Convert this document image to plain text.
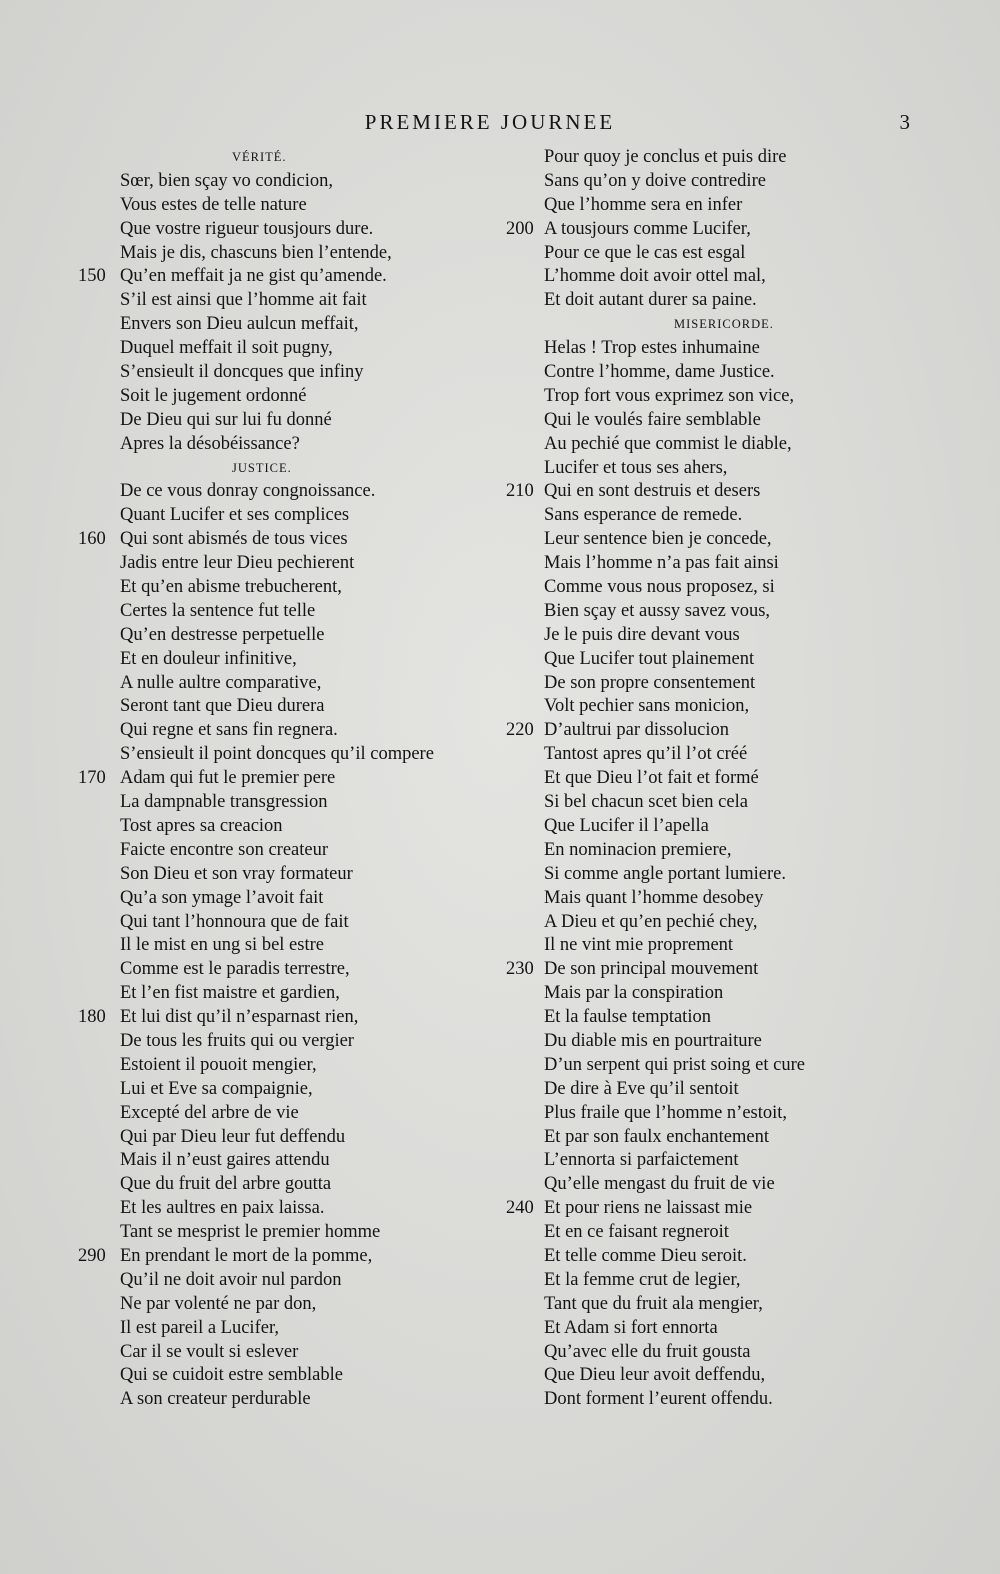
PREMIERE JOURNEE	3
VÉRITÉ.
Sœr, bien sçay vo condicion,
Vous estes de telle nature
Que vostre rigueur tousjours dure.
Mais je dis, chascuns bien l’entende,
150 Qu’en meffait ja ne gist qu’amende.
S’il est ainsi que l’homme ait fait
Envers son Dieu aulcun meffait,
Duquel meffait il soit pugny,
S’ensieult il doncques que infiny
Soit le jugement ordonné
De Dieu qui sur lui fu donné
Apres la désobéissance?
JUSTICE.
De ce vous donray congnoissance.
Quant Lucifer et ses complices
160 Qui sont abismés de tous vices
Jadis entre leur Dieu pechierent
Et qu’en abisme trebucherent,
Certes la sentence fut telle
Qu’en destresse perpetuelle
Et en douleur infinitive,
A nulle aultre comparative,
Seront tant que Dieu durera
Qui regne et sans fin regnera.
S’ensieult il point doncques qu’il compere
170 Adam qui fut le premier pere
La dampnable transgression
Tost apres sa creacion
Faicte encontre son createur
Son Dieu et son vray formateur
Qu’a son ymage l’avoit fait
Qui tant l’honnoura que de fait
Il le mist en ung si bel estre
Comme est le paradis terrestre,
Et l’en fist maistre et gardien,
180 Et lui dist qu’il n’esparnast rien,
De tous les fruits qui ou vergier
Estoient il pouoit mengier,
Lui et Eve sa compaignie,
Excepté del arbre de vie
Qui par Dieu leur fut deffendu
Mais il n’eust gaires attendu
Que du fruit del arbre goutta
Et les aultres en paix laissa.
Tant se mesprist le premier homme
290 En prendant le mort de la pomme,
Qu’il ne doit avoir nul pardon
Ne par volenté ne par don,
Il est pareil a Lucifer,
Car il se voult si eslever
Qui se cuidoit estre semblable
A son createur perdurable
Pour quoy je conclus et puis dire
Sans qu’on y doive contredire
Que l’homme sera en infer
200 A tousjours comme Lucifer,
Pour ce que le cas est esgal
L’homme doit avoir ottel mal,
Et doit autant durer sa paine.
MISERICORDE.
Helas ! Trop estes inhumaine
Contre l’homme, dame Justice.
Trop fort vous exprimez son vice,
Qui le voulés faire semblable
Au pechié que commist le diable,
Lucifer et tous ses ahers,
210 Qui en sont destruis et desers
Sans esperance de remede.
Leur sentence bien je concede,
Mais l’homme n’a pas fait ainsi
Comme vous nous proposez, si
Bien sçay et aussy savez vous,
Je le puis dire devant vous
Que Lucifer tout plainement
De son propre consentement
Volt pechier sans monicion,
220 D’aultrui par dissolucion
Tantost apres qu’il l’ot créé
Et que Dieu l’ot fait et formé
Si bel chacun scet bien cela
Que Lucifer il l’apella
En nominacion premiere,
Si comme angle portant lumiere.
Mais quant l’homme desobey
A Dieu et qu’en pechié chey,
Il ne vint mie proprement
230 De son principal mouvement
Mais par la conspiration
Et la faulse temptation
Du diable mis en pourtraiture
D’un serpent qui prist soing et cure
De dire à Eve qu’il sentoit
Plus fraile que l’homme n’estoit,
Et par son faulx enchantement
L’ennorta si parfaictement
Qu’elle mengast du fruit de vie
240 Et pour riens ne laissast mie
Et en ce faisant regneroit
Et telle comme Dieu seroit.
Et la femme crut de legier,
Tant que du fruit ala mengier,
Et Adam si fort ennorta
Qu’avec elle du fruit gousta
Que Dieu leur avoit deffendu,
Dont forment l’eurent offendu.
